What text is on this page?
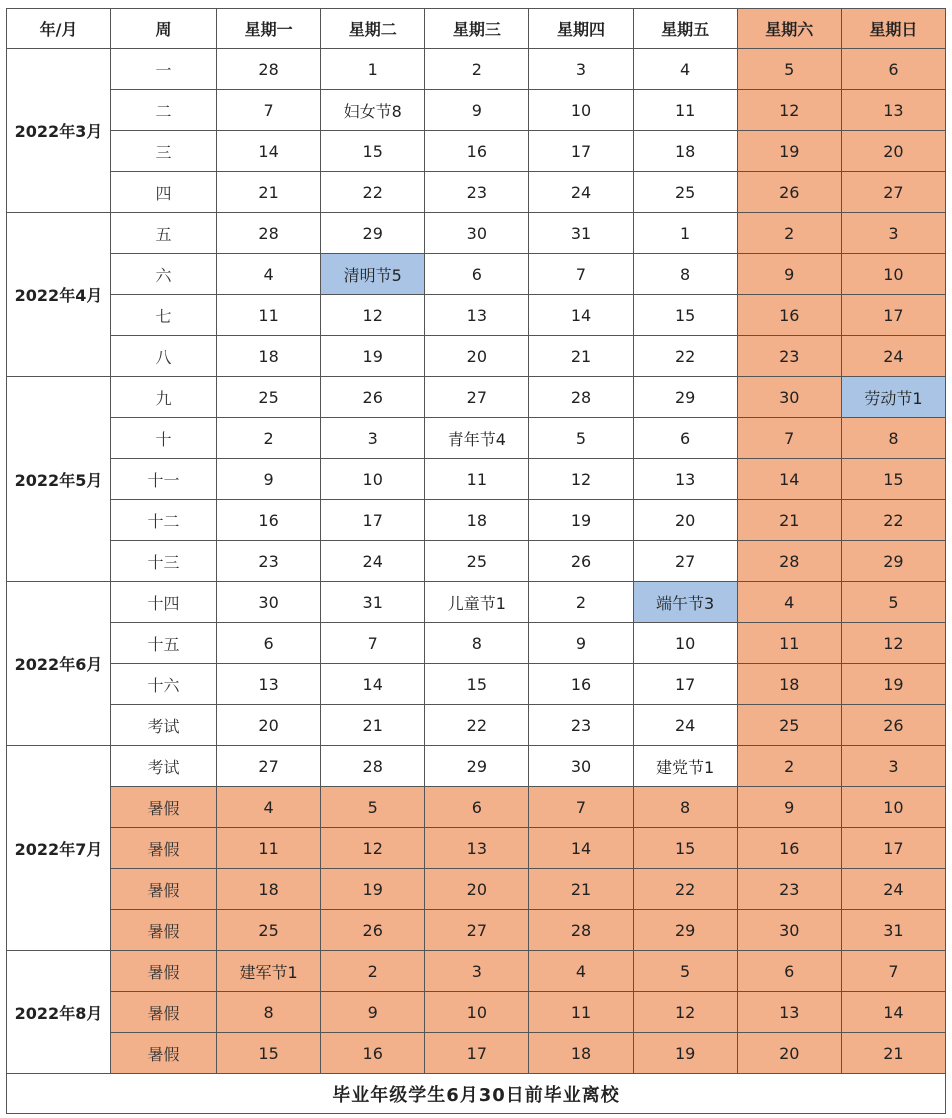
年/月	周	星期一	星期二	星期三	星期四	星期五	星期六	星期日
2022年3月	一	28	1	2	3	4	5	6
	二	7	妇女节8	9	10	11	12	13
	三	14	15	16	17	18	19	20
	四	21	22	23	24	25	26	27
2022年4月	五	28	29	30	31	1	2	3
	六	4	清明节5	6	7	8	9	10
	七	11	12	13	14	15	16	17
	八	18	19	20	21	22	23	24
2022年5月	九	25	26	27	28	29	30	劳动节1
	十	2	3	青年节4	5	6	7	8
	十一	9	10	11	12	13	14	15
	十二	16	17	18	19	20	21	22
	十三	23	24	25	26	27	28	29
2022年6月	十四	30	31	儿童节1	2	端午节3	4	5
	十五	6	7	8	9	10	11	12
	十六	13	14	15	16	17	18	19
	考试	20	21	22	23	24	25	26
2022年7月	考试	27	28	29	30	建党节1	2	3
	暑假	4	5	6	7	8	9	10
	暑假	11	12	13	14	15	16	17
	暑假	18	19	20	21	22	23	24
	暑假	25	26	27	28	29	30	31
2022年8月	暑假	建军节1	2	3	4	5	6	7
	暑假	8	9	10	11	12	13	14
	暑假	15	16	17	18	19	20	21
毕业年级学生6月30日前毕业离校								
